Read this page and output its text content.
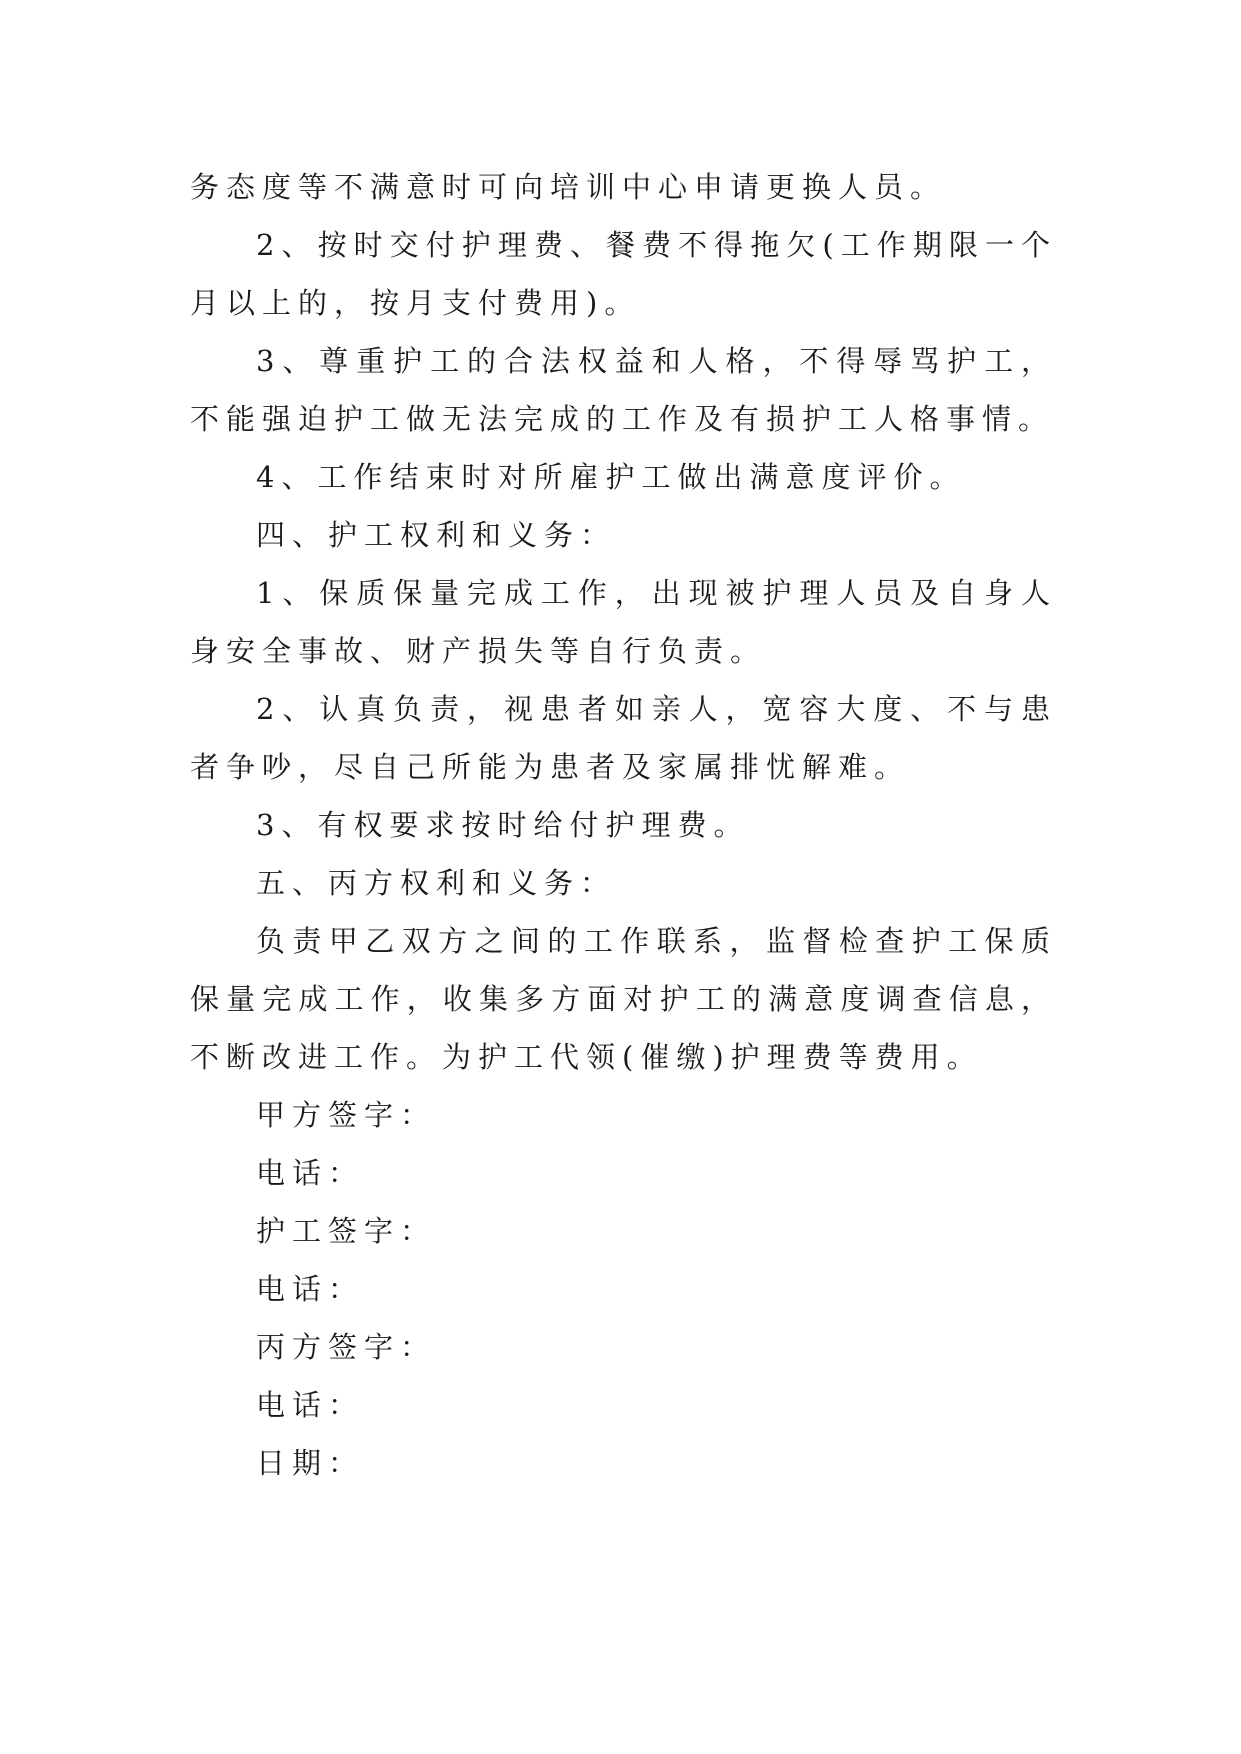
务态度等不满意时可向培训中心申请更换人员。

2、按时交付护理费、餐费不得拖欠(工作期限一个月以上的，按月支付费用)。

3、尊重护工的合法权益和人格，不得辱骂护工，不能强迫护工做无法完成的工作及有损护工人格事情。

4、工作结束时对所雇护工做出满意度评价。

四、护工权利和义务：

1、保质保量完成工作，出现被护理人员及自身人身安全事故、财产损失等自行负责。

2、认真负责，视患者如亲人，宽容大度、不与患者争吵，尽自己所能为患者及家属排忧解难。

3、有权要求按时给付护理费。

五、丙方权利和义务：

负责甲乙双方之间的工作联系，监督检查护工保质保量完成工作，收集多方面对护工的满意度调查信息，不断改进工作。为护工代领(催缴)护理费等费用。

甲方签字：

电话：

护工签字：

电话：

丙方签字：

电话：

日期：
